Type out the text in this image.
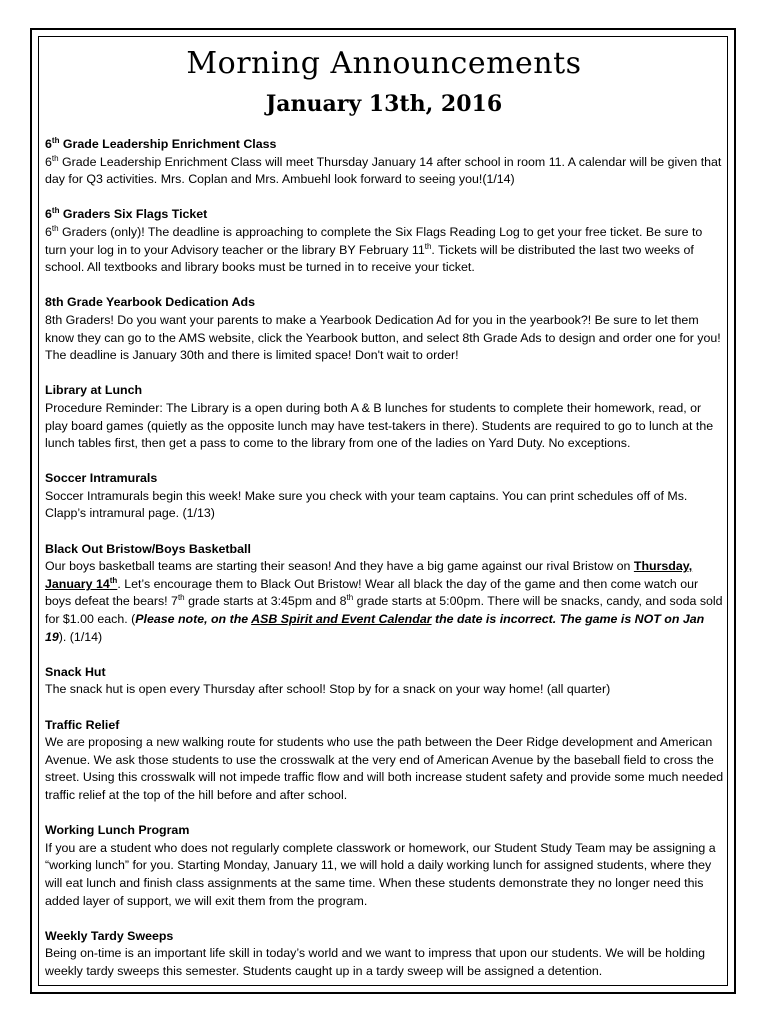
Morning Announcements
January 13th, 2016
6th Grade Leadership Enrichment Class

6th Grade Leadership Enrichment Class will meet Thursday January 14 after school in room 11. A calendar will be given that day for Q3 activities. Mrs. Coplan and Mrs. Ambuehl look forward to seeing you!(1/14)

6th Graders Six Flags Ticket

6th Graders (only)! The deadline is approaching to complete the Six Flags Reading Log to get your free ticket. Be sure to turn your log in to your Advisory teacher or the library BY February 11th. Tickets will be distributed the last two weeks of school. All textbooks and library books must be turned in to receive your ticket.

8th Grade Yearbook Dedication Ads

8th Graders! Do you want your parents to make a Yearbook Dedication Ad for you in the yearbook?! Be sure to let them know they can go to the AMS website, click the Yearbook button, and select 8th Grade Ads to design and order one for you! The deadline is January 30th and there is limited space! Don't wait to order!

Library at Lunch

Procedure Reminder: The Library is a open during both A & B lunches for students to complete their homework, read, or play board games (quietly as the opposite lunch may have test-takers in there). Students are required to go to lunch at the lunch tables first, then get a pass to come to the library from one of the ladies on Yard Duty. No exceptions.

Soccer Intramurals

Soccer Intramurals begin this week! Make sure you check with your team captains. You can print schedules off of Ms. Clapp’s intramural page. (1/13)

Black Out Bristow/Boys Basketball

Our boys basketball teams are starting their season! And they have a big game against our rival Bristow on Thursday, January 14th. Let’s encourage them to Black Out Bristow! Wear all black the day of the game and then come watch our boys defeat the bears! 7th grade starts at 3:45pm and 8th grade starts at 5:00pm. There will be snacks, candy, and soda sold for $1.00 each. (Please note, on the ASB Spirit and Event Calendar the date is incorrect. The game is NOT on Jan 19). (1/14)

Snack Hut

The snack hut is open every Thursday after school! Stop by for a snack on your way home! (all quarter)

Traffic Relief

We are proposing a new walking route for students who use the path between the Deer Ridge development and American Avenue. We ask those students to use the crosswalk at the very end of American Avenue by the baseball field to cross the street. Using this crosswalk will not impede traffic flow and will both increase student safety and provide some much needed traffic relief at the top of the hill before and after school.

Working Lunch Program

If you are a student who does not regularly complete classwork or homework, our Student Study Team may be assigning a “working lunch” for you. Starting Monday, January 11, we will hold a daily working lunch for assigned students, where they will eat lunch and finish class assignments at the same time. When these students demonstrate they no longer need this added layer of support, we will exit them from the program.

Weekly Tardy Sweeps

Being on-time is an important life skill in today’s world and we want to impress that upon our students. We will be holding weekly tardy sweeps this semester. Students caught up in a tardy sweep will be assigned a detention.
